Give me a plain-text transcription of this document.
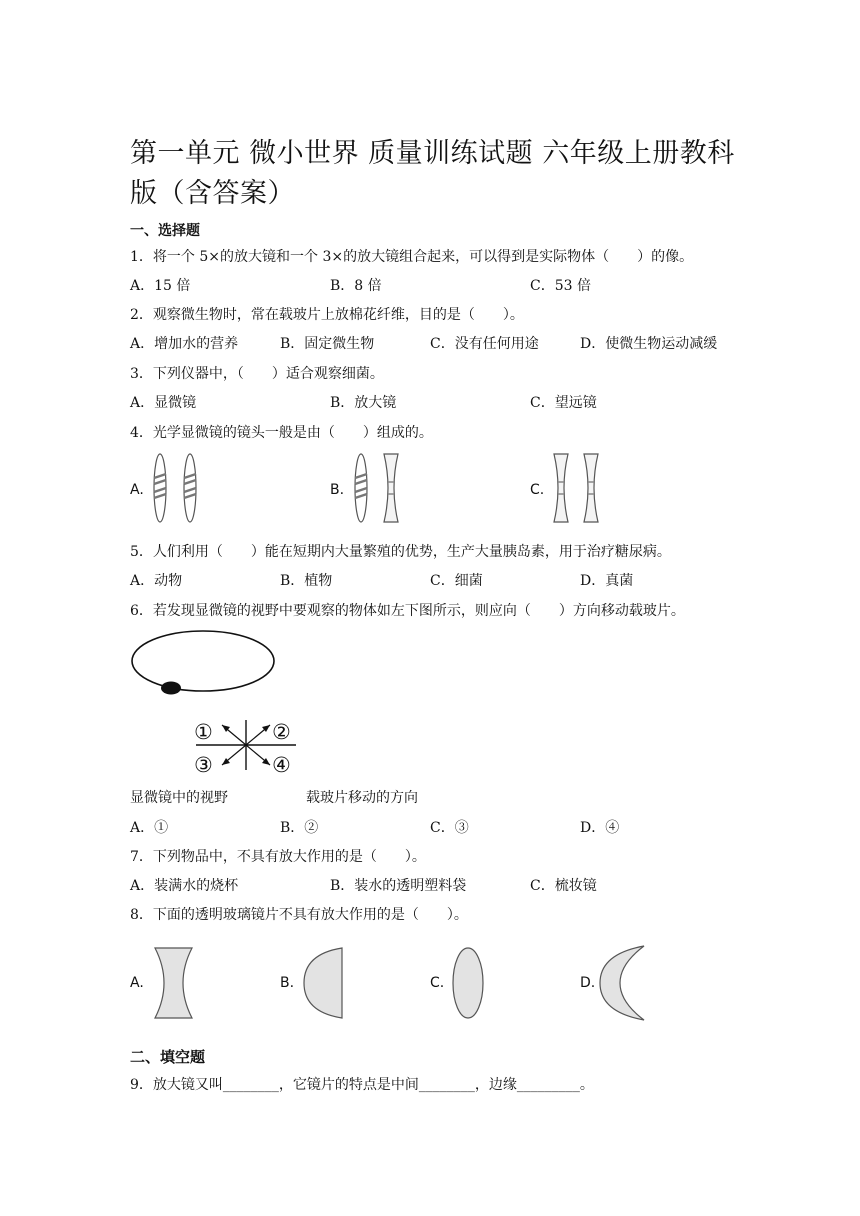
第一单元 微小世界 质量训练试题 六年级上册教科
版（含答案）
一、选择题
1．将一个 5×的放大镜和一个 3×的放大镜组合起来，可以得到是实际物体（　　）的像。
A．15 倍	B．8 倍	C．53 倍
2．观察微生物时，常在载玻片上放棉花纤维，目的是（　　）。
A．增加水的营养	B．固定微生物	C．没有任何用途	D．使微生物运动减缓
3．下列仪器中，（　　）适合观察细菌。
A．显微镜	B．放大镜	C．望远镜
4．光学显微镜的镜头一般是由（　　）组成的。
A.	B.	C.
5．人们利用（　　）能在短期内大量繁殖的优势，生产大量胰岛素，用于治疗糖尿病。
A．动物	B．植物	C．细菌	D．真菌
6．若发现显微镜的视野中要观察的物体如左下图所示，则应向（　　）方向移动载玻片。
①	②
③	④
显微镜中的视野	载玻片移动的方向
A．①	B．②	C．③	D．④
7．下列物品中，不具有放大作用的是（　　）。
A．装满水的烧杯	B．装水的透明塑料袋	C．梳妆镜
8．下面的透明玻璃镜片不具有放大作用的是（　　）。
A.	B.	C.	D.
二、填空题
9．放大镜又叫________，它镜片的特点是中间________，边缘_________。
